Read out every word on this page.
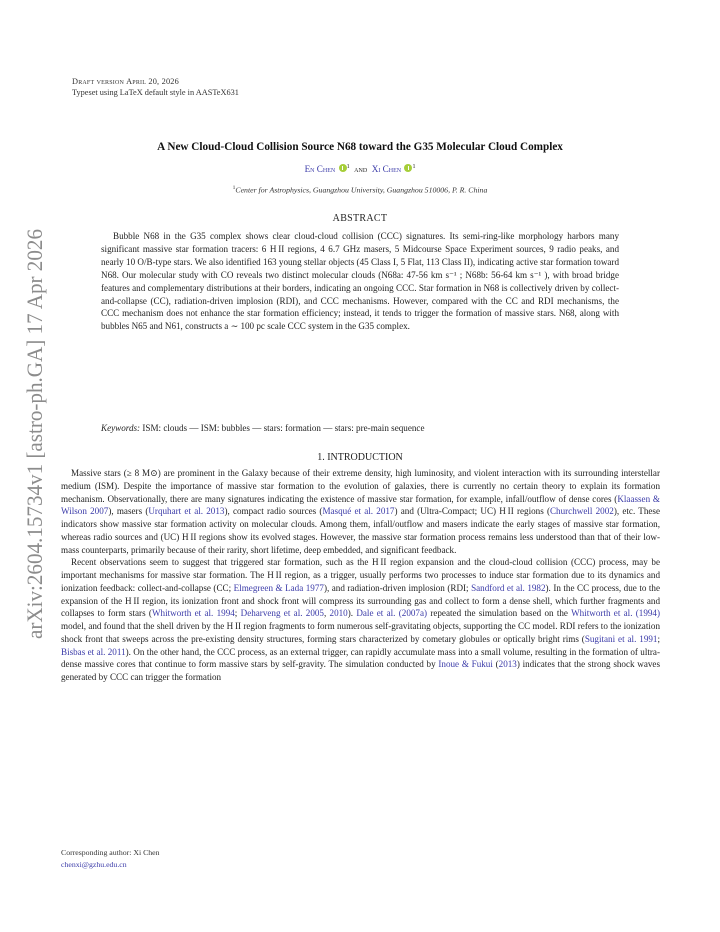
arXiv:2604.15734v1 [astro-ph.GA] 17 Apr 2026
Draft version April 20, 2026
Typeset using LaTeX default style in AASTeX631
A New Cloud-Cloud Collision Source N68 toward the G35 Molecular Cloud Complex
En Chen $^1$ and Xi Chen $^1$
$^1$Center for Astrophysics, Guangzhou University, Guangzhou 510006, P. R. China
ABSTRACT
Bubble N68 in the G35 complex shows clear cloud-cloud collision (CCC) signatures. Its semi-ring-like morphology harbors many significant massive star formation tracers: 6 H II regions, 4 6.7 GHz masers, 5 Midcourse Space Experiment sources, 9 radio peaks, and nearly 10 O/B-type stars. We also identified 163 young stellar objects (45 Class I, 5 Flat, 113 Class II), indicating active star formation toward N68. Our molecular study with CO reveals two distinct molecular clouds (N68a: 47-56 km s⁻¹ ; N68b: 56-64 km s⁻¹ ), with broad bridge features and complementary distributions at their borders, indicating an ongoing CCC. Star formation in N68 is collectively driven by collect-and-collapse (CC), radiation-driven implosion (RDI), and CCC mechanisms. However, compared with the CC and RDI mechanisms, the CCC mechanism does not enhance the star formation efficiency; instead, it tends to trigger the formation of massive stars. N68, along with bubbles N65 and N61, constructs a ∼ 100 pc scale CCC system in the G35 complex.
Keywords: ISM: clouds — ISM: bubbles — stars: formation — stars: pre-main sequence
1. INTRODUCTION

Massive stars (≥ 8 M⊙) are prominent in the Galaxy because of their extreme density, high luminosity, and violent interaction with its surrounding interstellar medium (ISM). Despite the importance of massive star formation to the evolution of galaxies, there is currently no certain theory to explain its formation mechanism. Observationally, there are many signatures indicating the existence of massive star formation, for example, infall/outflow of dense cores (Klaassen & Wilson 2007), masers (Urquhart et al. 2013), compact radio sources (Masqué et al. 2017) and (Ultra-Compact; UC) H II regions (Churchwell 2002), etc. These indicators show massive star formation activity on molecular clouds. Among them, infall/outflow and masers indicate the early stages of massive star formation, whereas radio sources and (UC) H II regions show its evolved stages. However, the massive star formation process remains less understood than that of their low-mass counterparts, primarily because of their rarity, short lifetime, deep embedded, and significant feedback.

Recent observations seem to suggest that triggered star formation, such as the H II region expansion and the cloud-cloud collision (CCC) process, may be important mechanisms for massive star formation. The H II region, as a trigger, usually performs two processes to induce star formation due to its dynamics and ionization feedback: collect-and-collapse (CC; Elmegreen & Lada 1977), and radiation-driven implosion (RDI; Sandford et al. 1982). In the CC process, due to the expansion of the H II region, its ionization front and shock front will compress its surrounding gas and collect to form a dense shell, which further fragments and collapses to form stars (Whitworth et al. 1994; Deharveng et al. 2005, 2010). Dale et al. (2007a) repeated the simulation based on the Whitworth et al. (1994) model, and found that the shell driven by the H II region fragments to form numerous self-gravitating objects, supporting the CC model. RDI refers to the ionization shock front that sweeps across the pre-existing density structures, forming stars characterized by cometary globules or optically bright rims (Sugitani et al. 1991; Bisbas et al. 2011). On the other hand, the CCC process, as an external trigger, can rapidly accumulate mass into a small volume, resulting in the formation of ultra-dense massive cores that continue to form massive stars by self-gravity. The simulation conducted by Inoue & Fukui (2013) indicates that the strong shock waves generated by CCC can trigger the formation

Corresponding author: Xi Chen
chenxi@gzhu.edu.cn
